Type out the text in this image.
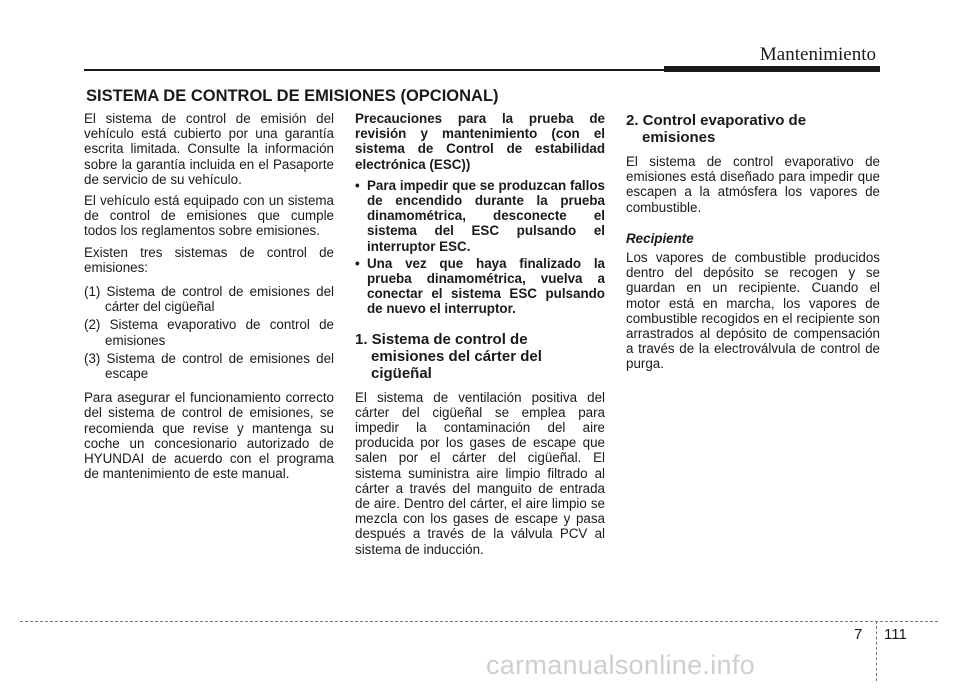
Mantenimiento
SISTEMA DE CONTROL DE EMISIONES (OPCIONAL)

El sistema de control de emisión del vehículo está cubierto por una garantía escrita limitada. Consulte la información sobre la garantía incluida en el Pasaporte de servicio de su vehículo.

El vehículo está equipado con un sistema de control de emisiones que cumple todos los reglamentos sobre emisiones.

Existen tres sistemas de control de emisiones:

(1) Sistema de control de emisiones del cárter del cigüeñal
(2) Sistema evaporativo de control de emisiones
(3) Sistema de control de emisiones del escape

Para asegurar el funcionamiento correcto del sistema de control de emisiones, se recomienda que revise y mantenga su coche un concesionario autorizado de HYUNDAI de acuerdo con el programa de mantenimiento de este manual.

Precauciones para la prueba de revisión y mantenimiento (con el sistema de Control de estabilidad electrónica (ESC))

• Para impedir que se produzcan fallos de encendido durante la prueba dinamométrica, desconecte el sistema del ESC pulsando el interruptor ESC.
• Una vez que haya finalizado la prueba dinamométrica, vuelva a conectar el sistema ESC pulsando de nuevo el interruptor.
1. Sistema de control de emisiones del cárter del cigüeñal

El sistema de ventilación positiva del cárter del cigüeñal se emplea para impedir la contaminación del aire producida por los gases de escape que salen por el cárter del cigüeñal. El sistema suministra aire limpio filtrado al cárter a través del manguito de entrada de aire. Dentro del cárter, el aire limpio se mezcla con los gases de escape y pasa después a través de la válvula PCV al sistema de inducción.

2. Control evaporativo de emisiones

El sistema de control evaporativo de emisiones está diseñado para impedir que escapen a la atmósfera los vapores de combustible.

Recipiente

Los vapores de combustible producidos dentro del depósito se recogen y se guardan en un recipiente. Cuando el motor está en marcha, los vapores de combustible recogidos en el recipiente son arrastrados al depósito de compensación a través de la electroválvula de control de purga.

7 111
carmanualsonline.info
